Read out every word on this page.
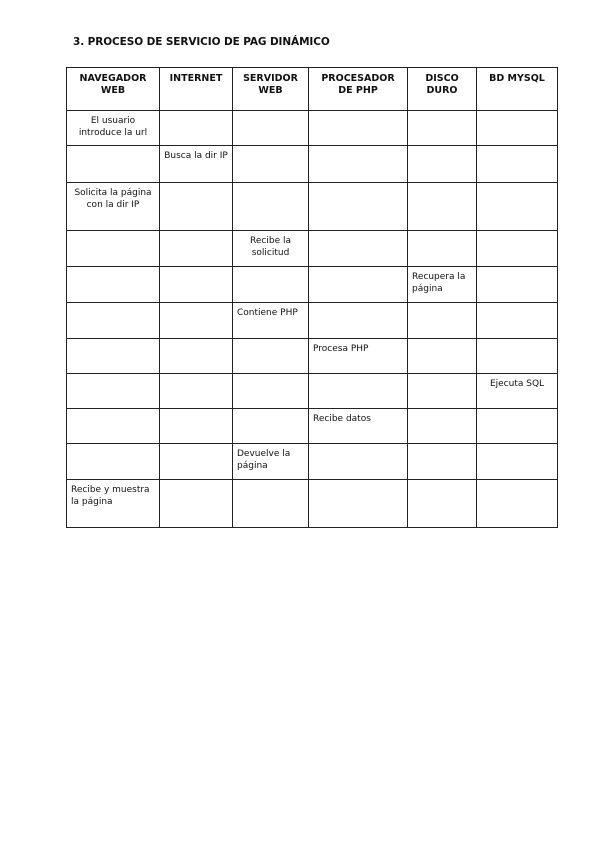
3. PROCESO DE SERVICIO DE PAG DINÁMICO
NAVEGADOR WEB	INTERNET	SERVIDOR WEB	PROCESADOR DE PHP	DISCO DURO	BD MYSQL
El usuario introduce la url					
	Busca la dir IP				
Solicita la página con la dir IP					
		Recibe la solicitud			
				Recupera la página	
		Contiene PHP			
			Procesa PHP		
					Ejecuta SQL
			Recibe datos		
		Devuelve la página			
Recibe y muestra la página					
